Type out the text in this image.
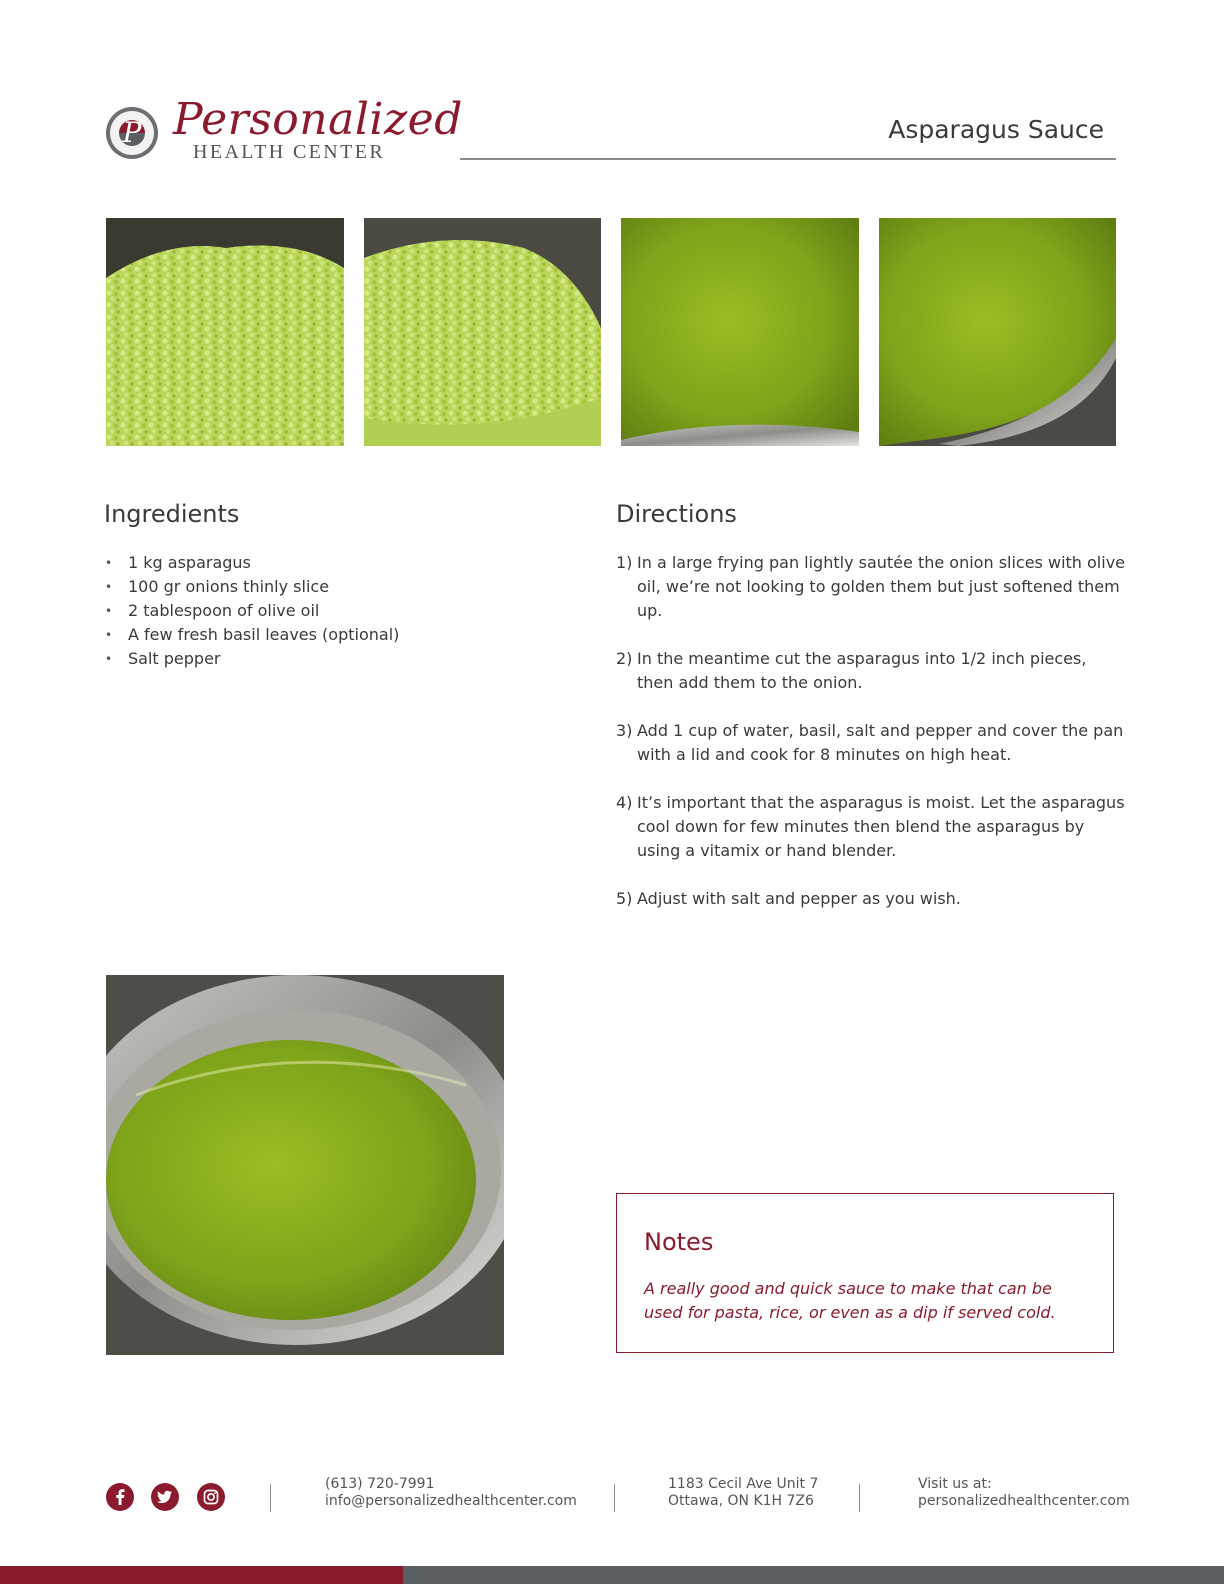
P Personalized
HEALTH CENTER
Asparagus Sauce
Ingredients
• 1 kg asparagus
• 100 gr onions thinly slice
• 2 tablespoon of olive oil
• A few fresh basil leaves (optional)
• Salt pepper
Directions
1) In a large frying pan lightly sautée the onion slices with olive oil, we’re not looking to golden them but just softened them up.
2) In the meantime cut the asparagus into 1/2 inch pieces, then add them to the onion.
3) Add 1 cup of water, basil, salt and pepper and cover the pan with a lid and cook for 8 minutes on high heat.
4) It’s important that the asparagus is moist. Let the asparagus cool down for few minutes then blend the asparagus by using a vitamix or hand blender.
5) Adjust with salt and pepper as you wish.
Notes
A really good and quick sauce to make that can be used for pasta, rice, or even as a dip if served cold.
(613) 720-7991
info@personalizedhealthcenter.com
1183 Cecil Ave Unit 7
Ottawa, ON K1H 7Z6
Visit us at:
personalizedhealthcenter.com
